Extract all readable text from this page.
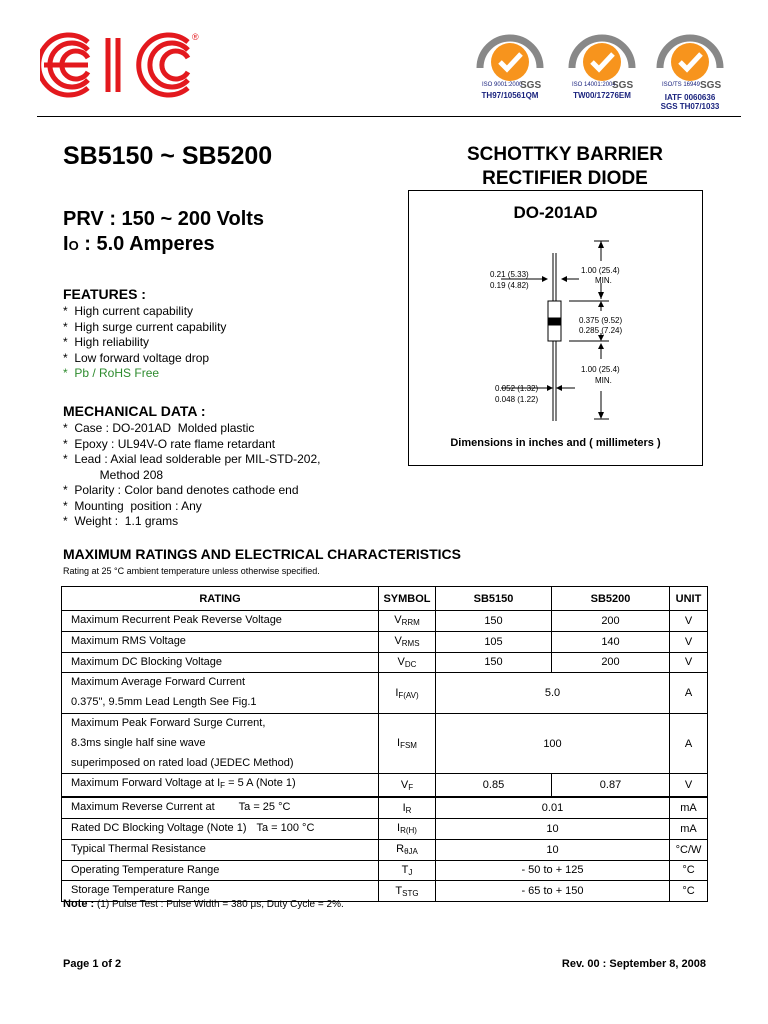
®
ISO 9001:2000
SGS
TH97/10561QM
ISO 14001:2004
SGS
TW00/17276EM
ISO/TS 16949 SGS
IATF 0060636
SGS TH07/1033
SB5150 ~ SB5200	SCHOTTKY BARRIER
RECTIFIER DIODE
PRV : 150 ~ 200 Volts
IO : 5.0 Amperes
DO-201AD
1.00 (25.4)
MIN.
0.21 (5.33)
0.19 (4.82)
0.375 (9.52)
0.285 (7.24)
1.00 (25.4)
MIN.
0.052 (1.32)
0.048 (1.22)
Dimensions in inches and ( millimeters )
FEATURES :
*  High current capability
*  High surge current capability
*  High reliability
*  Low forward voltage drop
*  Pb / RoHS Free
MECHANICAL DATA :
*  Case : DO-201AD  Molded plastic
*  Epoxy : UL94V-O rate flame retardant
*  Lead : Axial lead solderable per MIL-STD-202,
Method 208
*  Polarity : Color band denotes cathode end
*  Mounting  position : Any
*  Weight :  1.1 grams
MAXIMUM RATINGS AND ELECTRICAL CHARACTERISTICS
Rating at 25 °C ambient temperature unless otherwise specified.
RATING	SYMBOL	SB5150	SB5200	UNIT
Maximum Recurrent Peak Reverse Voltage	VRRM	150	200	V
Maximum RMS Voltage	VRMS	105	140	V
Maximum DC Blocking Voltage	VDC	150	200	V

Maximum Average Forward Current
0.375", 9.5mm Lead Length See Fig.1	IF(AV)	5.0		A

Maximum Peak Forward Surge Current,
8.3ms single half sine wave
superimposed on rated load (JEDEC Method)	IFSM	100		A
Maximum Forward Voltage at IF = 5 A (Note 1)	VF	0.85	0.87	V
Maximum Reverse Current at Ta = 25 °C	IR	0.01		mA
Rated DC Blocking Voltage (Note 1) Ta = 100 °C	IR(H)	10		mA
Typical Thermal Resistance	RθJA	10		°C/W
Operating Temperature Range	TJ	- 50 to + 125		°C
Storage Temperature Range	TSTG	- 65 to + 150		°C
Note : (1) Pulse Test : Pulse Width = 380 μs, Duty Cycle = 2%.
Page 1 of 2	Rev. 00 : September 8, 2008
